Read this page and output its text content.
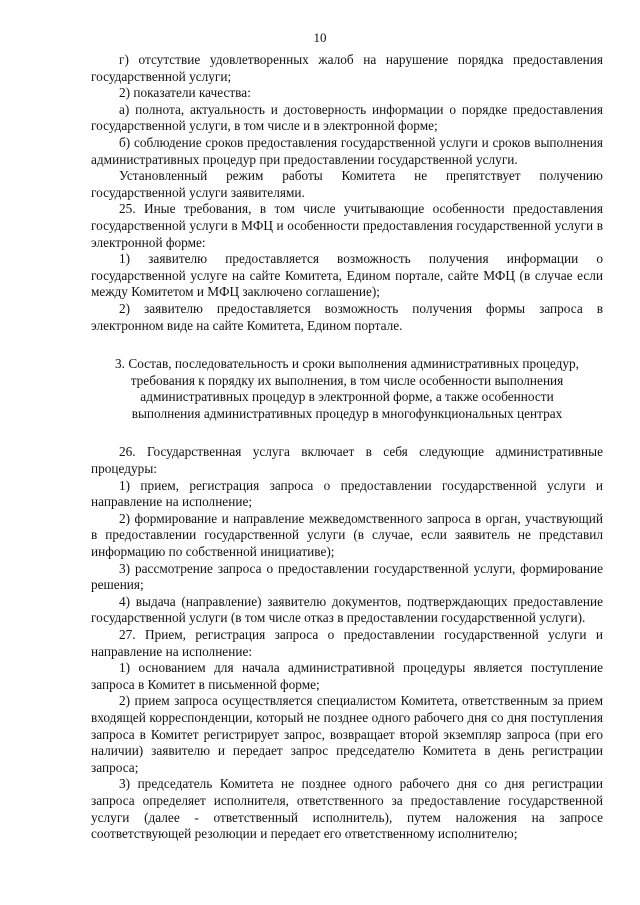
10

г) отсутствие удовлетворенных жалоб на нарушение порядка предоставления государственной услуги;

2) показатели качества:

а) полнота, актуальность и достоверность информации о порядке предоставления государственной услуги, в том числе и в электронной форме;

б) соблюдение сроков предоставления государственной услуги и сроков выполнения административных процедур при предоставлении государственной услуги.

Установленный режим работы Комитета не препятствует получению государственной услуги заявителями.

25. Иные требования, в том числе учитывающие особенности предоставления государственной услуги в МФЦ и особенности предоставления государственной услуги в электронной форме:

1) заявителю предоставляется возможность получения информации о государственной услуге на сайте Комитета, Едином портале, сайте МФЦ (в случае если между Комитетом и МФЦ заключено соглашение);

2) заявителю предоставляется возможность получения формы запроса в электронном виде на сайте Комитета, Едином портале.

3. Состав, последовательность и сроки выполнения административных процедур,
требования к порядку их выполнения, в том числе особенности выполнения
административных процедур в электронной форме, а также особенности
выполнения административных процедур в многофункциональных центрах

26. Государственная услуга включает в себя следующие административные процедуры:

1) прием, регистрация запроса о предоставлении государственной услуги и направление на исполнение;

2) формирование и направление межведомственного запроса в орган, участвующий в предоставлении государственной услуги (в случае, если заявитель не представил информацию по собственной инициативе);

3) рассмотрение запроса о предоставлении государственной услуги, формирование решения;

4) выдача (направление) заявителю документов, подтверждающих предоставление государственной услуги (в том числе отказ в предоставлении государственной услуги).

27. Прием, регистрация запроса о предоставлении государственной услуги и направление на исполнение:

1) основанием для начала административной процедуры является поступление запроса в Комитет в письменной форме;

2) прием запроса осуществляется специалистом Комитета, ответственным за прием входящей корреспонденции, который не позднее одного рабочего дня со дня поступления запроса в Комитет регистрирует запрос, возвращает второй экземпляр запроса (при его наличии) заявителю и передает запрос председателю Комитета в день регистрации запроса;

3) председатель Комитета не позднее одного рабочего дня со дня регистрации запроса определяет исполнителя, ответственного за предоставление государственной услуги (далее - ответственный исполнитель), путем наложения на запросе соответствующей резолюции и передает его ответственному исполнителю;
